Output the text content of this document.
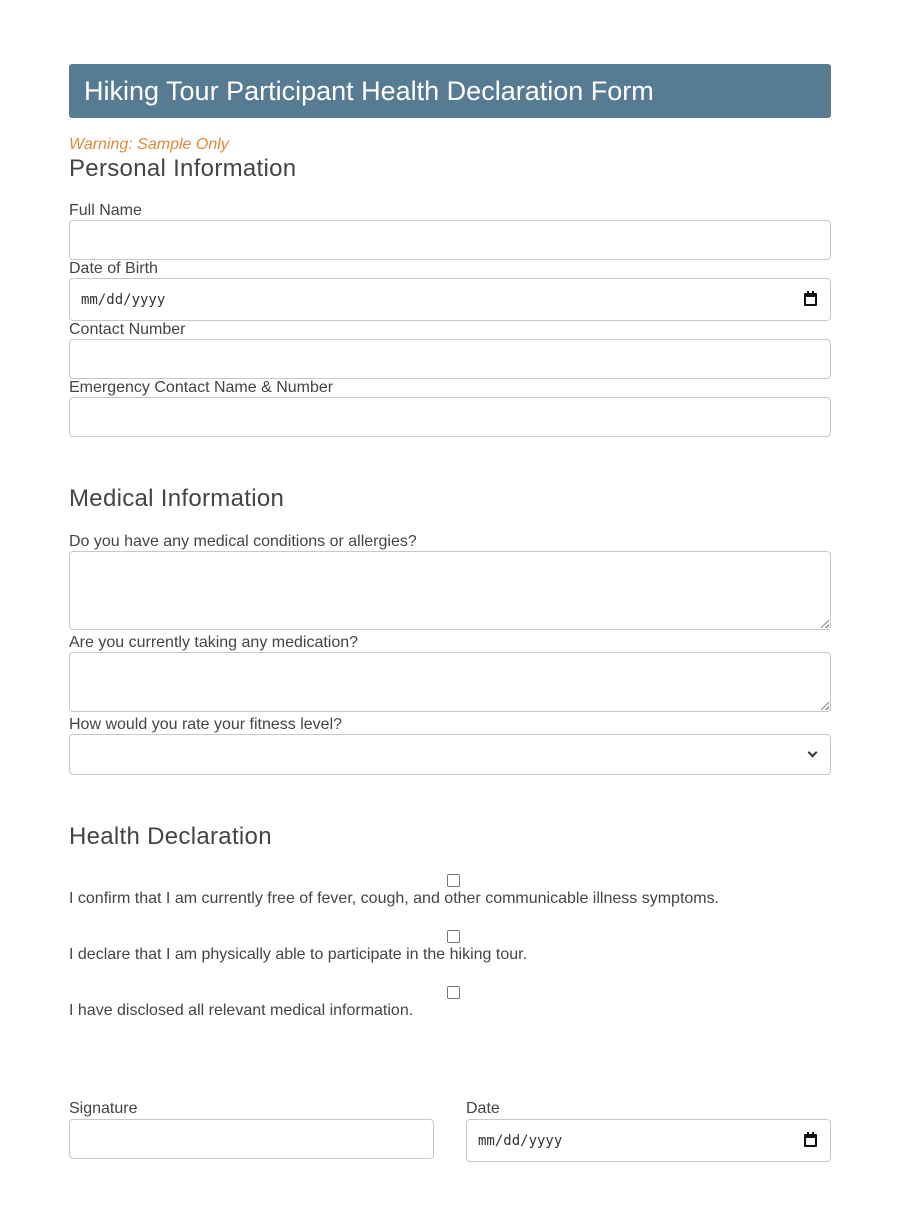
Hiking Tour Participant Health Declaration Form
Warning: Sample Only
Personal Information
Full Name
Date of Birth
mm/dd/yyyy
Contact Number
Emergency Contact Name & Number
Medical Information
Do you have any medical conditions or allergies?
Are you currently taking any medication?
How would you rate your fitness level?
Health Declaration
I confirm that I am currently free of fever, cough, and other communicable illness symptoms.
I declare that I am physically able to participate in the hiking tour.
I have disclosed all relevant medical information.
Signature	Date
mm/dd/yyyy
